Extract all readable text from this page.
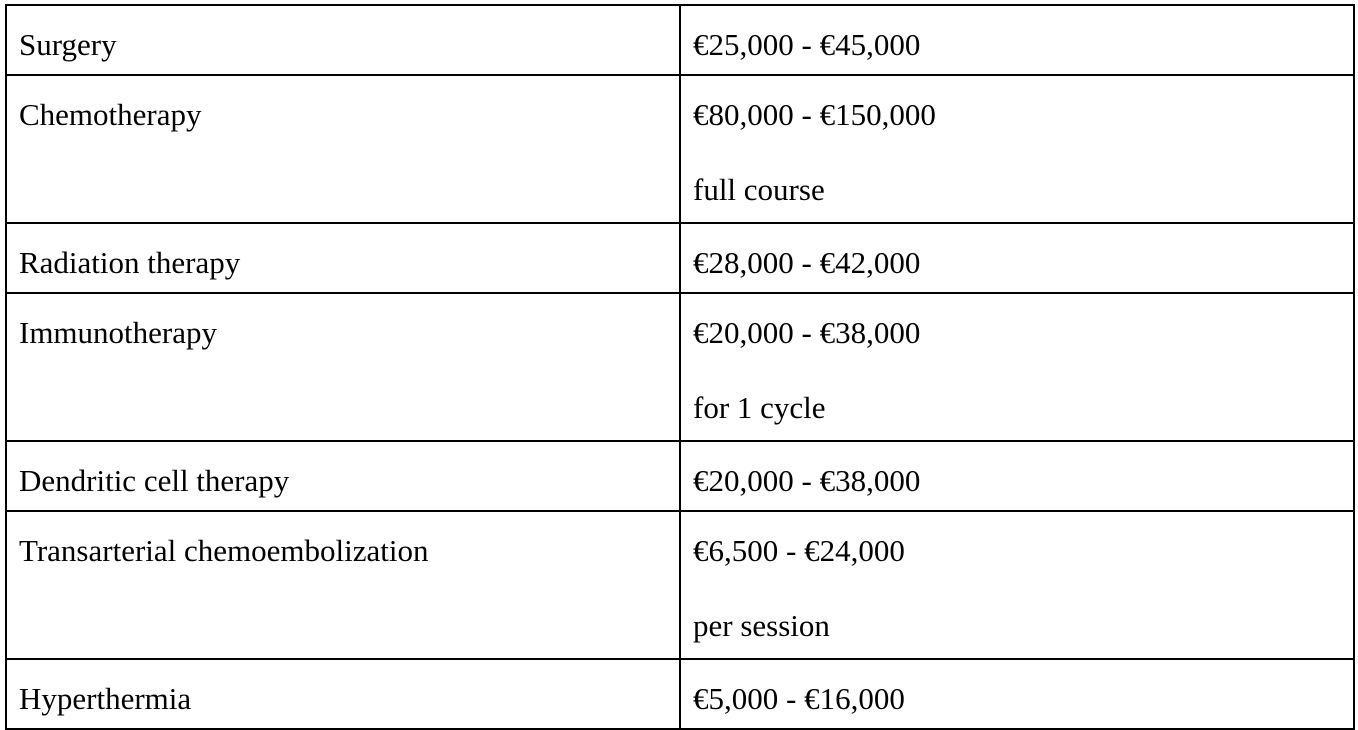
Surgery	€25,000 - €45,000

Chemotherapy	€80,000 - €150,000
full course

Radiation therapy	€28,000 - €42,000

Immunotherapy	€20,000 - €38,000
for 1 cycle

Dendritic cell therapy	€20,000 - €38,000

Transarterial chemoembolization	€6,500 - €24,000
per session

Hyperthermia	€5,000 - €16,000
